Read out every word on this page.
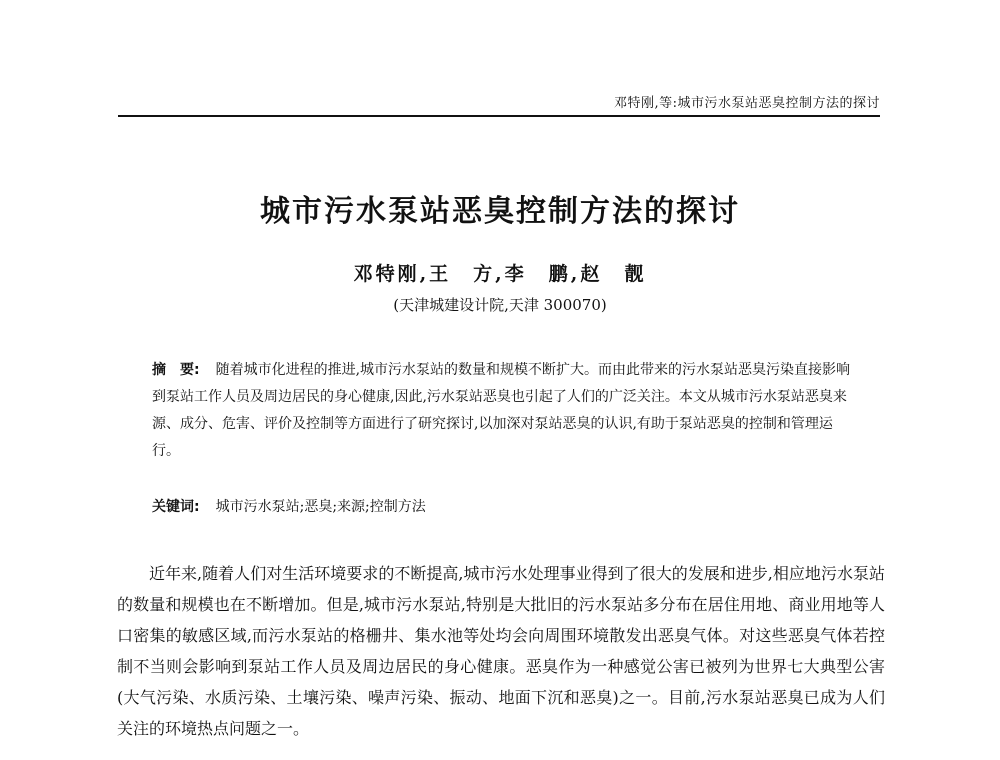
邓特刚,等:城市污水泵站恶臭控制方法的探讨
城市污水泵站恶臭控制方法的探讨
邓特刚,王　方,李　鹏,赵　靓
(天津城建设计院,天津 300070)
摘　要: 随着城市化进程的推进,城市污水泵站的数量和规模不断扩大。而由此带来的污水泵站恶臭污染直接影响到泵站工作人员及周边居民的身心健康,因此,污水泵站恶臭也引起了人们的广泛关注。本文从城市污水泵站恶臭来源、成分、危害、评价及控制等方面进行了研究探讨,以加深对泵站恶臭的认识,有助于泵站恶臭的控制和管理运行。
关键词: 城市污水泵站;恶臭;来源;控制方法
近年来,随着人们对生活环境要求的不断提高,城市污水处理事业得到了很大的发展和进步,相应地污水泵站的数量和规模也在不断增加。但是,城市污水泵站,特别是大批旧的污水泵站多分布在居住用地、商业用地等人口密集的敏感区域,而污水泵站的格栅井、集水池等处均会向周围环境散发出恶臭气体。对这些恶臭气体若控制不当则会影响到泵站工作人员及周边居民的身心健康。恶臭作为一种感觉公害已被列为世界七大典型公害(大气污染、水质污染、土壤污染、噪声污染、振动、地面下沉和恶臭)之一。目前,污水泵站恶臭已成为人们关注的环境热点问题之一。
